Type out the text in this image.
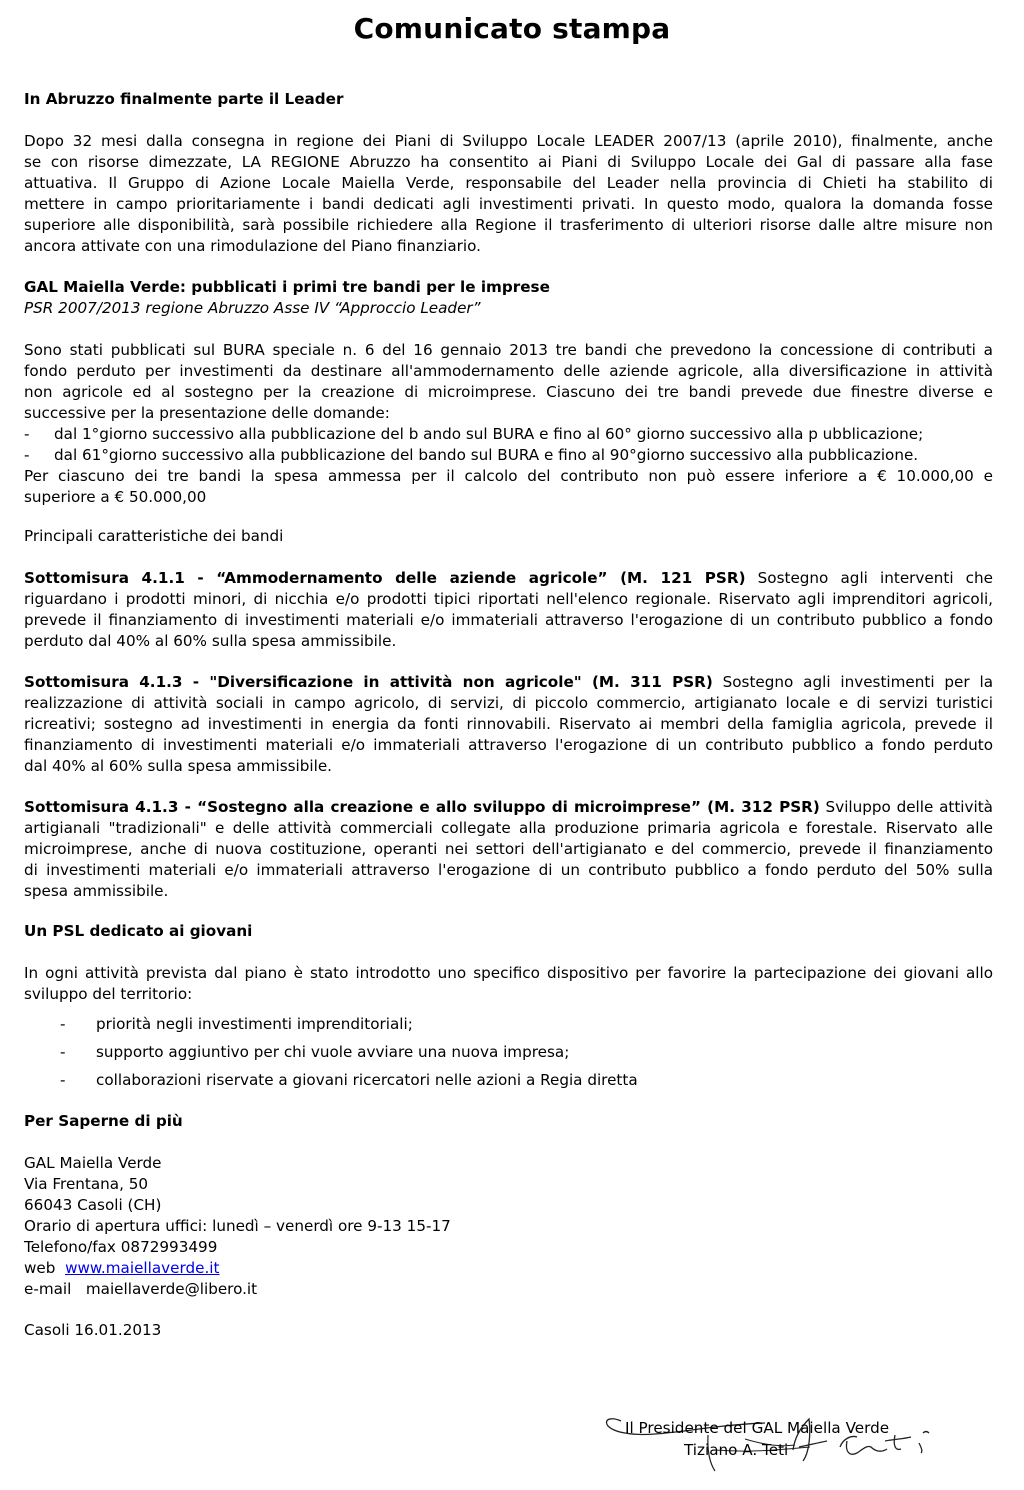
Comunicato stampa
In Abruzzo finalmente parte il Leader
Dopo 32 mesi dalla consegna in regione dei Piani di Sviluppo Locale LEADER 2007/13 (aprile 2010), finalmente, anche
se con risorse dimezzate, LA REGIONE Abruzzo ha consentito ai Piani di Sviluppo Locale dei Gal di passare alla fase
attuativa. Il Gruppo di Azione Locale Maiella Verde, responsabile del Leader nella provincia di Chieti ha stabilito di
mettere in campo prioritariamente i bandi dedicati agli investimenti privati. In questo modo, qualora la domanda fosse
superiore alle disponibilità, sarà possibile richiedere alla Regione il trasferimento di ulteriori risorse dalle altre misure non
ancora attivate con una rimodulazione del Piano finanziario.
GAL Maiella Verde: pubblicati i primi tre bandi per le imprese
PSR 2007/2013 regione Abruzzo Asse IV “Approccio Leader”
Sono stati pubblicati sul BURA speciale n. 6 del 16 gennaio 2013 tre bandi che prevedono la concessione di contributi a
fondo perduto per investimenti da destinare all'ammodernamento delle aziende agricole, alla diversificazione in attività
non agricole ed al sostegno per la creazione di microimprese. Ciascuno dei tre bandi prevede due finestre diverse e
successive per la presentazione delle domande:
- dal 1°giorno successivo alla pubblicazione del b ando sul BURA e fino al 60° giorno successivo alla p ubblicazione;
- dal 61°giorno successivo alla pubblicazione del bando sul BURA e fino al 90°giorno successivo alla pubblicazione.
Per ciascuno dei tre bandi la spesa ammessa per il calcolo del contributo non può essere inferiore a € 10.000,00 e
superiore a € 50.000,00
Principali caratteristiche dei bandi
Sottomisura 4.1.1 - “Ammodernamento delle aziende agricole” (M. 121 PSR) Sostegno agli interventi che
riguardano i prodotti minori, di nicchia e/o prodotti tipici riportati nell'elenco regionale. Riservato agli imprenditori agricoli,
prevede il finanziamento di investimenti materiali e/o immateriali attraverso l'erogazione di un contributo pubblico a fondo
perduto dal 40% al 60% sulla spesa ammissibile.
Sottomisura 4.1.3 - "Diversificazione in attività non agricole" (M. 311 PSR) Sostegno agli investimenti per la
realizzazione di attività sociali in campo agricolo, di servizi, di piccolo commercio, artigianato locale e di servizi turistici
ricreativi; sostegno ad investimenti in energia da fonti rinnovabili. Riservato ai membri della famiglia agricola, prevede il
finanziamento di investimenti materiali e/o immateriali attraverso l'erogazione di un contributo pubblico a fondo perduto
dal 40% al 60% sulla spesa ammissibile.
Sottomisura 4.1.3 - “Sostegno alla creazione e allo sviluppo di microimprese” (M. 312 PSR) Sviluppo delle attività
artigianali "tradizionali" e delle attività commerciali collegate alla produzione primaria agricola e forestale. Riservato alle
microimprese, anche di nuova costituzione, operanti nei settori dell'artigianato e del commercio, prevede il finanziamento
di investimenti materiali e/o immateriali attraverso l'erogazione di un contributo pubblico a fondo perduto del 50% sulla
spesa ammissibile.
Un PSL dedicato ai giovani
In ogni attività prevista dal piano è stato introdotto uno specifico dispositivo per favorire la partecipazione dei giovani allo
sviluppo del territorio:
- priorità negli investimenti imprenditoriali;
- supporto aggiuntivo per chi vuole avviare una nuova impresa;
- collaborazioni riservate a giovani ricercatori nelle azioni a Regia diretta
Per Saperne di più
GAL Maiella Verde
Via Frentana, 50
66043 Casoli (CH)
Orario di apertura uffici: lunedì – venerdì ore 9-13 15-17
Telefono/fax 0872993499
web www.maiellaverde.it
e-mail maiellaverde@libero.it
Casoli 16.01.2013
Il Presidente del GAL Maiella Verde
Tiziano A. Teti
